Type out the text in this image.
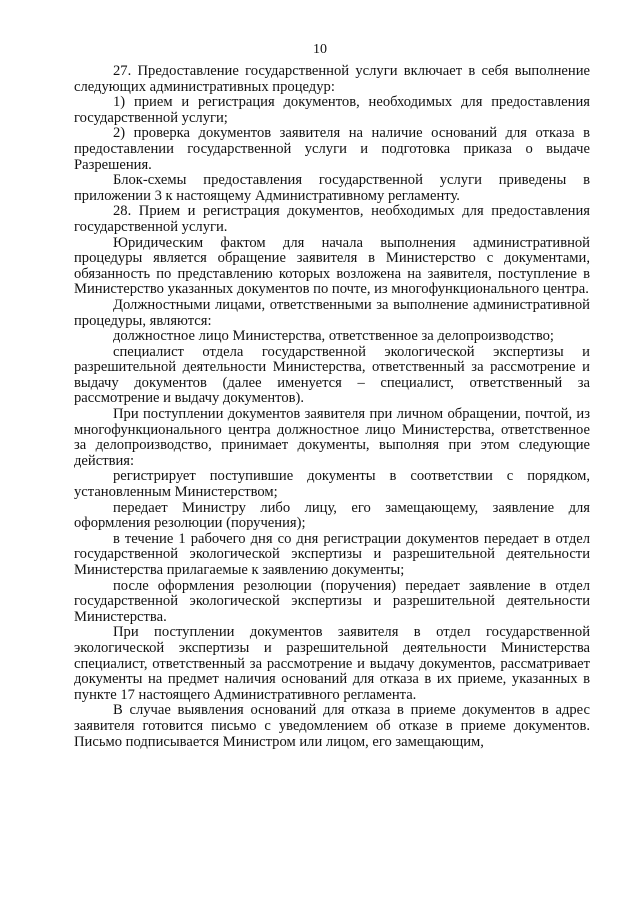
10

27. Предоставление государственной услуги включает в себя выполнение следующих административных процедур:

1) прием и регистрация документов, необходимых для предоставления государственной услуги;

2) проверка документов заявителя на наличие оснований для отказа в предоставлении государственной услуги и подготовка приказа о выдаче Разрешения.

Блок-схемы предоставления государственной услуги приведены в приложении 3 к настоящему Административному регламенту.

28. Прием и регистрация документов, необходимых для предоставления государственной услуги.

Юридическим фактом для начала выполнения административной процедуры является обращение заявителя в Министерство с документами, обязанность по представлению которых возложена на заявителя, поступление в Министерство указанных документов по почте, из многофункционального центра.

Должностными лицами, ответственными за выполнение административной процедуры, являются:

должностное лицо Министерства, ответственное за делопроизводство;

специалист отдела государственной экологической экспертизы и разрешительной деятельности Министерства, ответственный за рассмотрение и выдачу документов (далее именуется – специалист, ответственный за рассмотрение и выдачу документов).

При поступлении документов заявителя при личном обращении, почтой, из многофункционального центра должностное лицо Министерства, ответственное за делопроизводство, принимает документы, выполняя при этом следующие действия:

регистрирует поступившие документы в соответствии с порядком, установленным Министерством;

передает Министру либо лицу, его замещающему, заявление для оформления резолюции (поручения);

в течение 1 рабочего дня со дня регистрации документов передает в отдел государственной экологической экспертизы и разрешительной деятельности Министерства прилагаемые к заявлению документы;

после оформления резолюции (поручения) передает заявление в отдел государственной экологической экспертизы и разрешительной деятельности Министерства.

При поступлении документов заявителя в отдел государственной экологической экспертизы и разрешительной деятельности Министерства специалист, ответственный за рассмотрение и выдачу документов, рассматривает документы на предмет наличия оснований для отказа в их приеме, указанных в пункте 17 настоящего Административного регламента.

В случае выявления оснований для отказа в приеме документов в адрес заявителя готовится письмо с уведомлением об отказе в приеме документов. Письмо подписывается Министром или лицом, его замещающим,
